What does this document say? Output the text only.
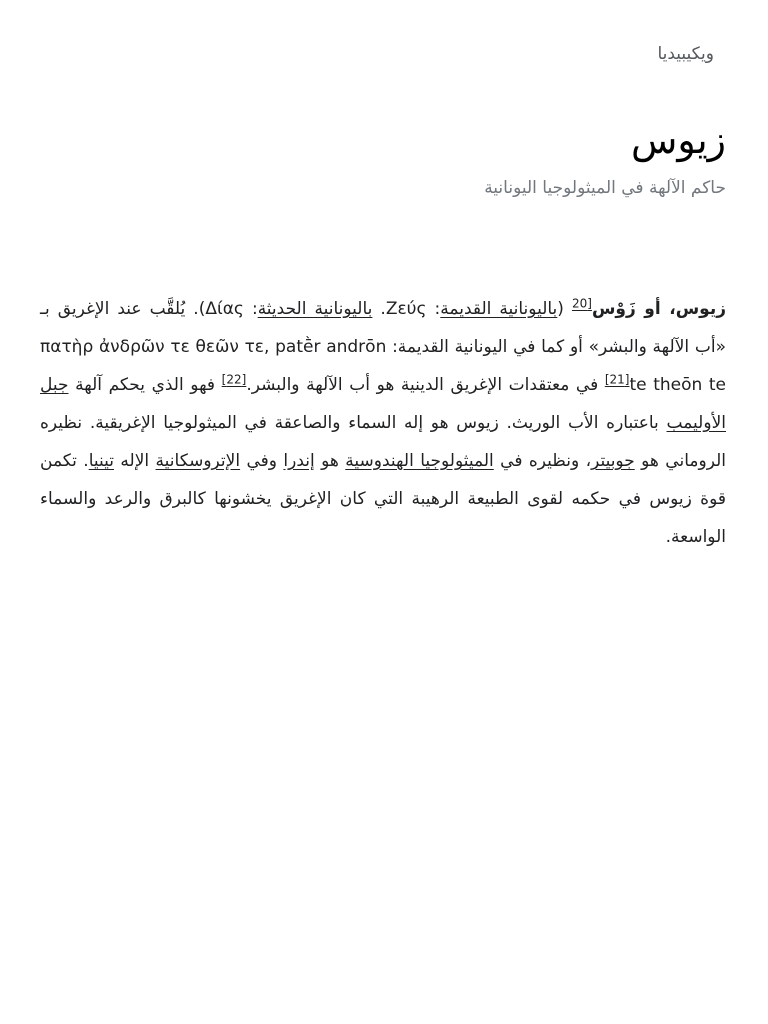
ويكيبيديا
زيوس
حاكم الآلهة في الميثولوجيا اليونانية
زيوس، أو زَوْس$^{[20}$ (باليونانية القديمة: Ζεύς. باليونانية الحديثة: Δίας). يُلقَّب عند الإغريق بـ «أب الآلهة والبشر» أو كما في اليونانية القديمة: πατὴρ ἀνδρῶν τε θεῶν τε, patḕr andrōn te theōn te[21] في معتقدات الإغريق الدينية هو أب الآلهة والبشر.[22] فهو الذي يحكم آلهة جبل الأوليمب باعتباره الأب الوريث. زيوس هو إله السماء والصاعقة في الميثولوجيا الإغريقية. نظيره الروماني هو جوبيتر، ونظيره في الميثولوجيا الهندوسية هو إندرا وفي الإتروسكانية الإله تينيا. تكمن قوة زيوس في حكمه لقوى الطبيعة الرهيبة التي كان الإغريق يخشونها كالبرق والرعد والسماء الواسعة.
